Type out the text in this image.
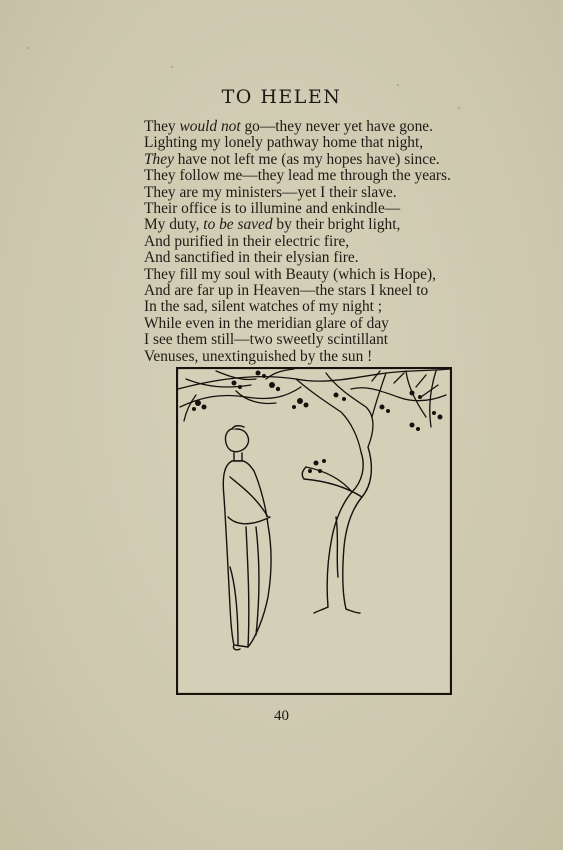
TO HELEN
They would not go—they never yet have gone.
Lighting my lonely pathway home that night,
They have not left me (as my hopes have) since.
They follow me—they lead me through the years.
They are my ministers—yet I their slave.
Their office is to illumine and enkindle—
My duty, to be saved by their bright light,
And purified in their electric fire,
And sanctified in their elysian fire.
They fill my soul with Beauty (which is Hope),
And are far up in Heaven—the stars I kneel to
In the sad, silent watches of my night ;
While even in the meridian glare of day
I see them still—two sweetly scintillant
Venuses, unextinguished by the sun !
40
